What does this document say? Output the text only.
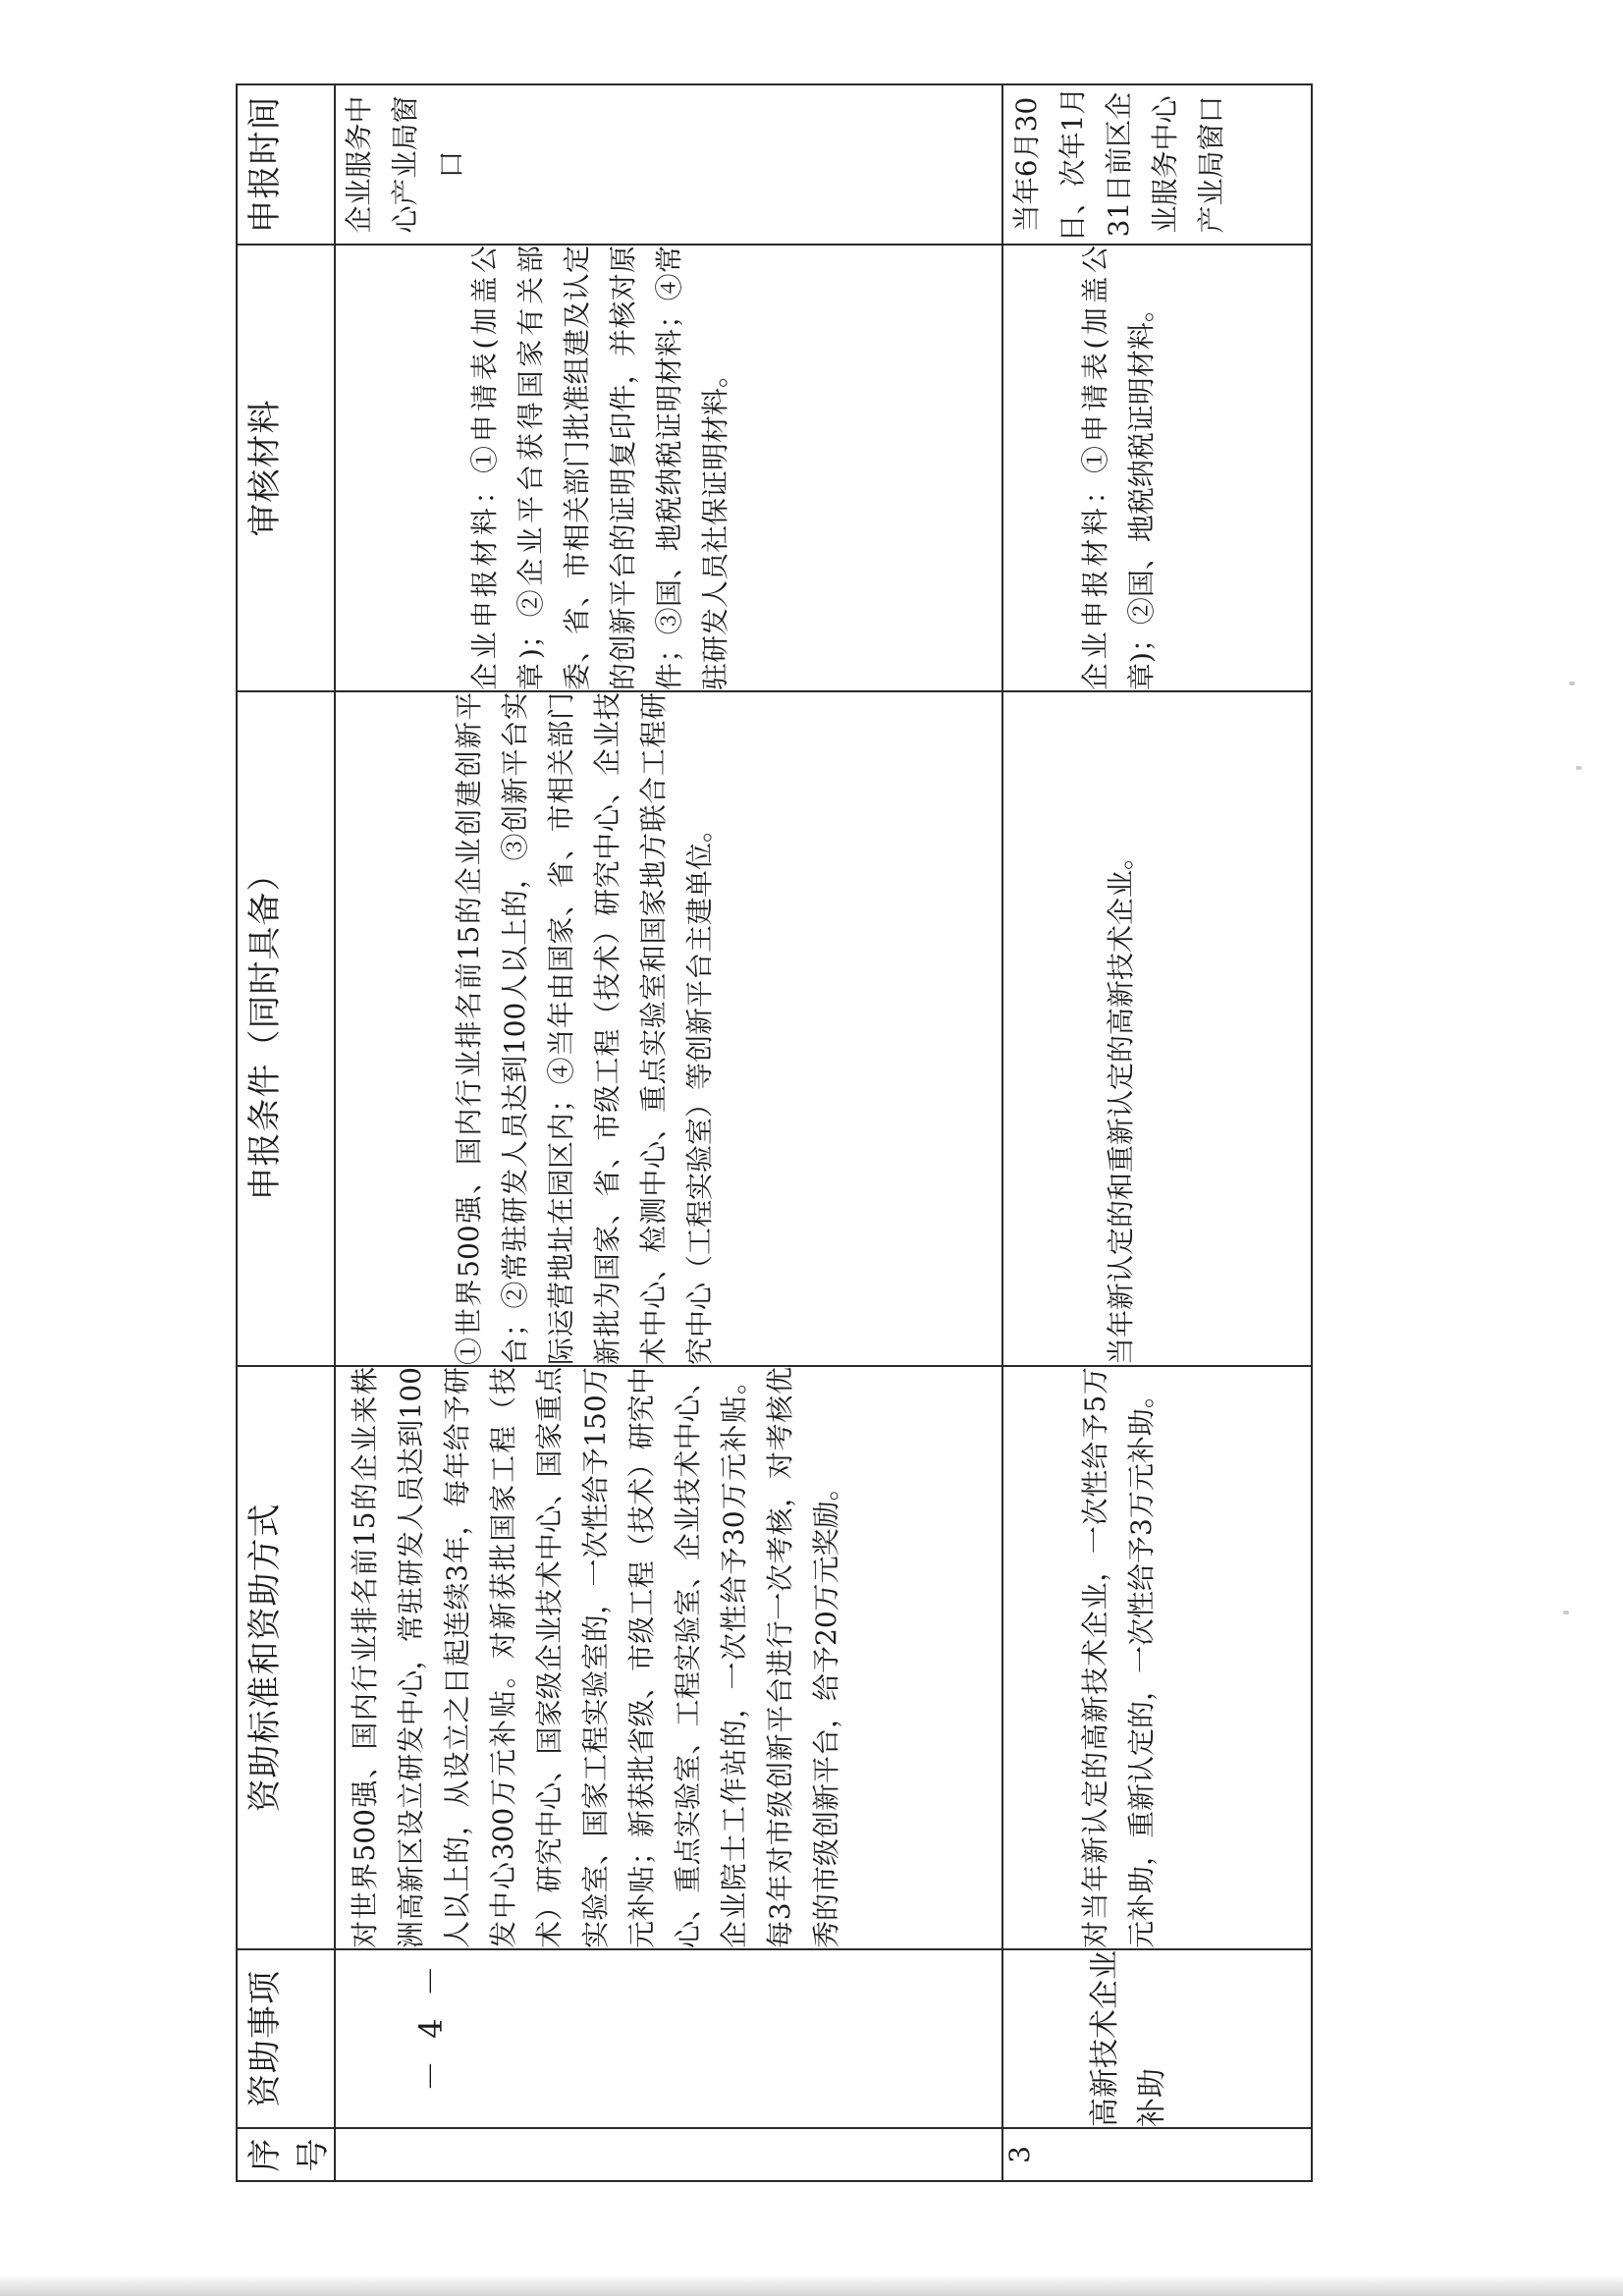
序号	资助事项	资助标准和资助方式	申报条件（同时具备）	审核材料	申报时间
		对世界500强、国内行业排名前15的企业来株洲高新区设立研发中心，常驻研发人员达到100人以上的，从设立之日起连续3年，每年给予研发中心300万元补贴。对新获批国家工程（技术）研究中心、国家级企业技术中心、国家重点实验室、国家工程实验室的，一次性给予150万元补贴；新获批省级、市级工程（技术）研究中心、重点实验室、工程实验室、企业技术中心、企业院士工作站的，一次性给予30万元补贴。每3年对市级创新平台进行一次考核，对考核优秀的市级创新平台，给予20万元奖励。	①世界500强、国内行业排名前15的企业创建创新平台；②常驻研发人员达到100人以上的，③创新平台实际运营地址在园区内；④当年由国家、省、市相关部门新批为国家、省、市级工程（技术）研究中心、企业技术中心、检测中心、重点实验室和国家地方联合工程研究中心（工程实验室）等创新平台主建单位。	企业申报材料：①申请表(加盖公章)；②企业平台获得国家有关部委、省、市相关部门批准组建及认定的创新平台的证明复印件，并核对原件；③国、地税纳税证明材料；④常驻研发人员社保证明材料。	企业服务中心产业局窗口
3	高新技术企业补助	对当年新认定的高新技术企业，一次性给予5万元补助，重新认定的，一次性给予3万元补助。	当年新认定的和重新认定的高新技术企业。	企业申报材料：①申请表(加盖公章)；②国、地税纳税证明材料。	当年6月30日、次年1月31日前区企业服务中心产业局窗口
－ 4 －
